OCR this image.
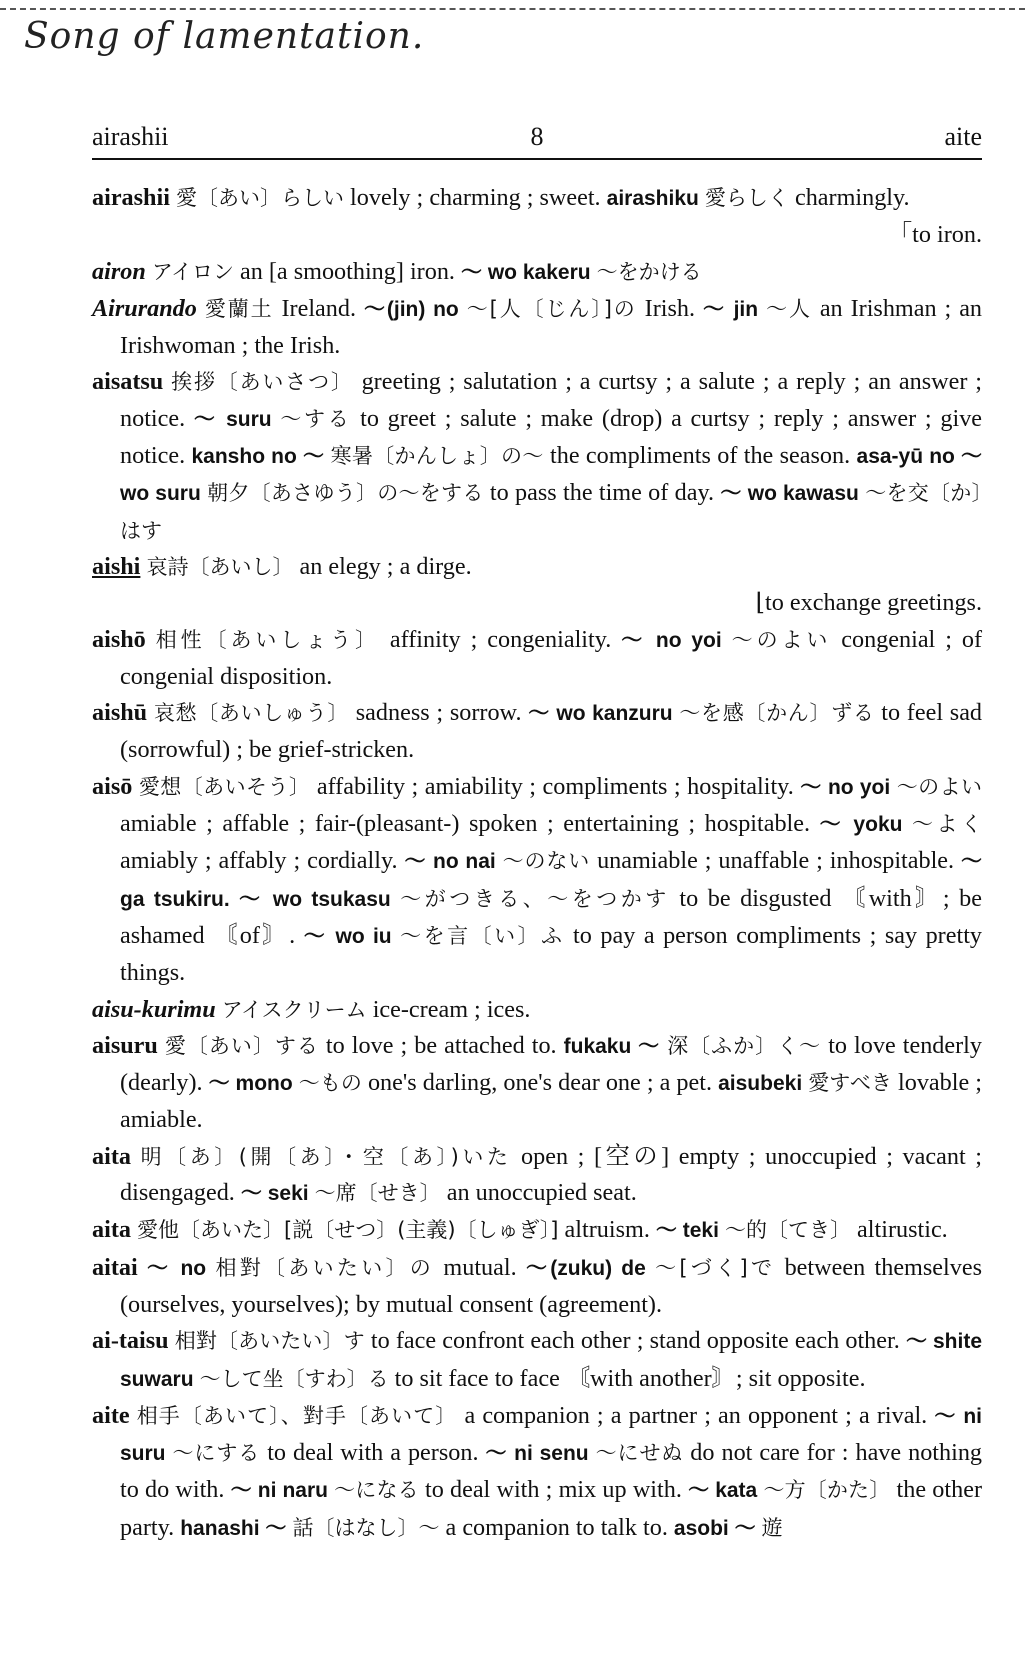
Song of lamentation.
airashii	8	aite

airashii 愛〔あい〕らしい lovely ; charming ; sweet. airashiku 愛らしく charmingly.
「to iron.

airon アイロン an [a smoothing] iron. ～ wo kakeru ～をかける

Airurando 愛蘭土 Ireland. ～(jin) no ～[人〔じん〕]の Irish. ～ jin ～人 an Irishman ; an Irishwoman ; the Irish.

aisatsu 挨拶〔あいさつ〕 greeting ; salutation ; a curtsy ; a salute ; a reply ; an answer ; notice. ～ suru ～する to greet ; salute ; make (drop) a curtsy ; reply ; answer ; give notice. kansho no ～ 寒暑〔かんしょ〕の～ the compliments of the season. asa-yū no ～ wo suru 朝夕〔あさゆう〕の～をする to pass the time of day. ～ wo kawasu ～を交〔か〕はす

aishi 哀詩〔あいし〕 an elegy ; a dirge.
⌊to exchange greetings.

aishō 相性〔あいしょう〕 affinity ; congeniality. ～ no yoi ～のよい congenial ; of congenial disposition.

aishū 哀愁〔あいしゅう〕 sadness ; sorrow. ～ wo kanzuru ～を感〔かん〕ずる to feel sad (sorrowful) ; be grief-stricken.

aisō 愛想〔あいそう〕 affability ; amiability ; compliments ; hospitality. ～ no yoi ～のよい amiable ; affable ; fair-(pleasant-) spoken ; entertaining ; hospitable. ～ yoku ～よく amiably ; affably ; cordially. ～ no nai ～のない unamiable ; unaffable ; inhospitable. ～ ga tsukiru. ～ wo tsukasu ～がつきる、～をつかす to be disgusted 〘with〙; be ashamed 〘of〙. ～ wo iu ～を言〔い〕ふ to pay a person compliments ; say pretty things.

aisu-kurimu アイスクリーム ice-cream ; ices.

aisuru 愛〔あい〕する to love ; be attached to. fukaku ～ 深〔ふか〕く～ to love tenderly (dearly). ～ mono ～もの one's darling, one's dear one ; a pet. aisubeki 愛すべき lovable ; amiable.

aita 明〔あ〕(開〔あ〕・空〔あ〕)いた open ; [空の] empty ; unoccupied ; vacant ; disengaged. ～ seki ～席〔せき〕 an unoccupied seat.

aita 愛他〔あいた〕[説〔せつ〕(主義)〔しゅぎ〕] altruism. ～ teki ～的〔てき〕 altirustic.

aitai ～ no 相對〔あいたい〕の mutual. ～(zuku) de ～[づく]で between themselves (ourselves, yourselves); by mutual consent (agreement).

ai-taisu 相對〔あいたい〕す to face confront each other ; stand opposite each other. ～ shite suwaru ～して坐〔すわ〕る to sit face to face 〘with another〙; sit opposite.

aite 相手〔あいて〕、對手〔あいて〕 a companion ; a partner ; an opponent ; a rival. ～ ni suru ～にする to deal with a person. ～ ni senu ～にせぬ do not care for : have nothing to do with. ～ ni naru ～になる to deal with ; mix up with. ～ kata ～方〔かた〕 the other party. hanashi ～ 話〔はなし〕～ a companion to talk to. asobi ～ 遊
